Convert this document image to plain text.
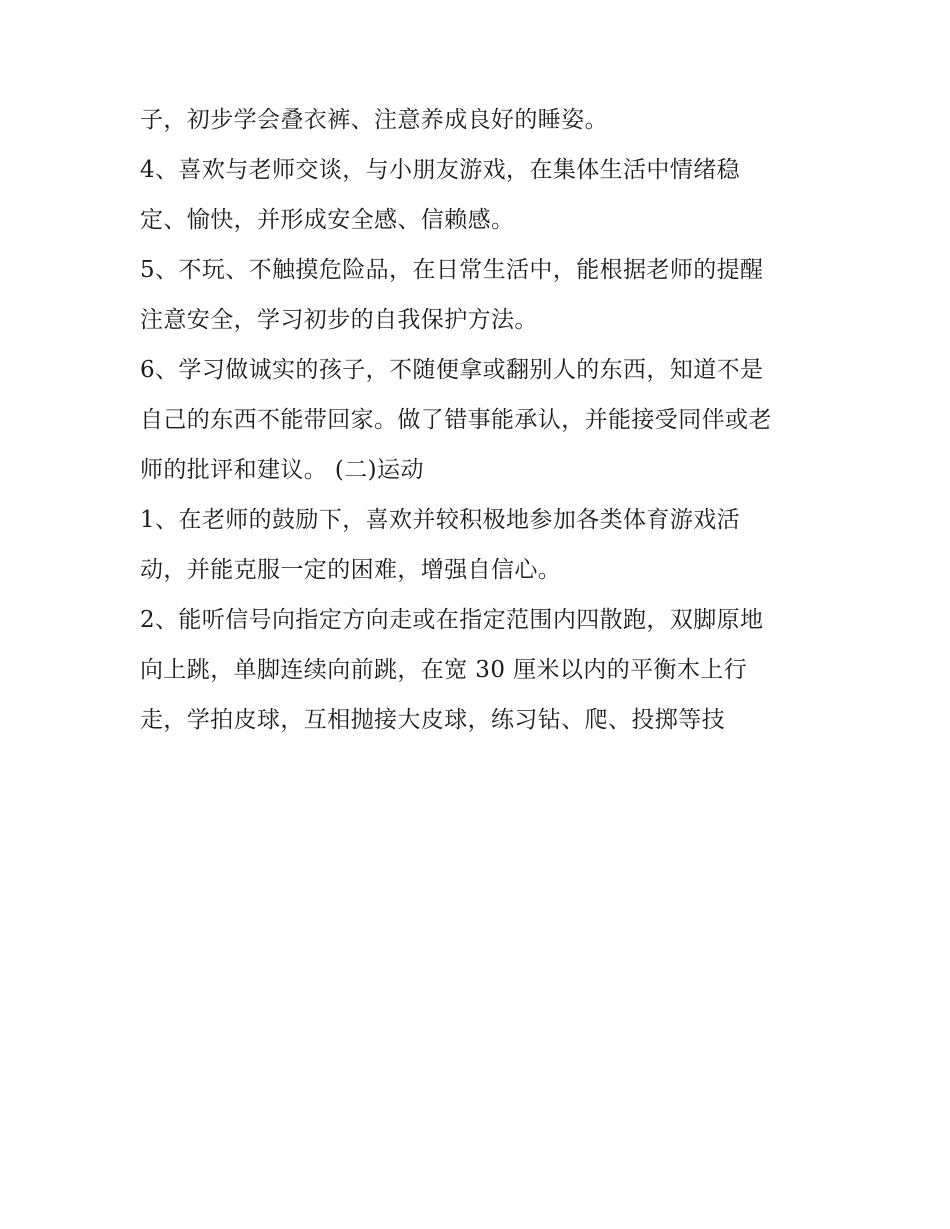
子，初步学会叠衣裤、注意养成良好的睡姿。

4、喜欢与老师交谈，与小朋友游戏，在集体生活中情绪稳

定、愉快，并形成安全感、信赖感。

5、不玩、不触摸危险品，在日常生活中，能根据老师的提醒

注意安全，学习初步的自我保护方法。

6、学习做诚实的孩子，不随便拿或翻别人的东西，知道不是

自己的东西不能带回家。做了错事能承认，并能接受同伴或老

师的批评和建议。 (二)运动

1、在老师的鼓励下，喜欢并较积极地参加各类体育游戏活

动，并能克服一定的困难，增强自信心。

2、能听信号向指定方向走或在指定范围内四散跑，双脚原地

向上跳，单脚连续向前跳，在宽 30 厘米以内的平衡木上行

走，学拍皮球，互相抛接大皮球，练习钻、爬、投掷等技
